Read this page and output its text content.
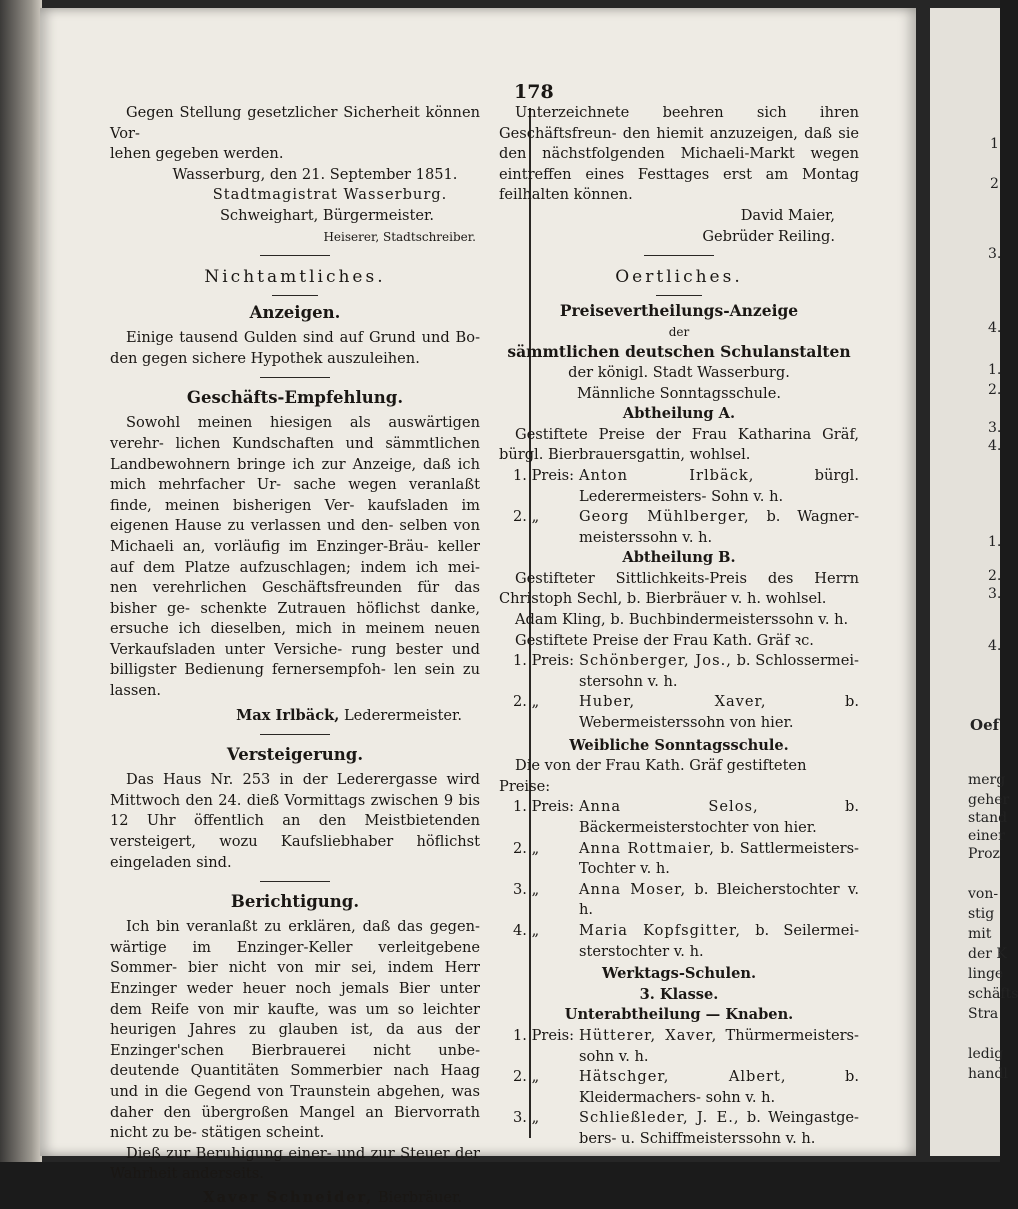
178

Gegen Stellung gesetzlicher Sicherheit können Vor-

lehen gegeben werden.

Wasserburg, den 21. September 1851.

Stadtmagistrat Wasserburg.

Schweighart, Bürgermeister.

Heiserer, Stadtschreiber.

Nichtamtliches.

Anzeigen.

Einige tausend Gulden sind auf Grund und Bo- den gegen sichere Hypothek auszuleihen.

Geschäfts-Empfehlung.

Sowohl meinen hiesigen als auswärtigen verehr- lichen Kundschaften und sämmtlichen Landbewohnern bringe ich zur Anzeige, daß ich mich mehrfacher Ur- sache wegen veranlaßt finde, meinen bisherigen Ver- kaufsladen im eigenen Hause zu verlassen und den- selben von Michaeli an, vorläufig im Enzinger-Bräu- keller auf dem Platze aufzuschlagen; indem ich mei- nen verehrlichen Geschäftsfreunden für das bisher ge- schenkte Zutrauen höflichst danke, ersuche ich dieselben, mich in meinem neuen Verkaufsladen unter Versiche- rung bester und billigster Bedienung fernersempfoh- len sein zu lassen.

Max Irlbäck, Lederermeister.

Versteigerung.

Das Haus Nr. 253 in der Lederergasse wird Mittwoch den 24. dieß Vormittags zwischen 9 bis 12 Uhr öffentlich an den Meistbietenden versteigert, wozu Kaufsliebhaber höflichst eingeladen sind.

Berichtigung.

Ich bin veranlaßt zu erklären, daß das gegen- wärtige im Enzinger-Keller verleitgebene Sommer- bier nicht von mir sei, indem Herr Enzinger weder heuer noch jemals Bier unter dem Reife von mir kaufte, was um so leichter heurigen Jahres zu glauben ist, da aus der Enzinger'schen Bierbrauerei nicht unbe- deutende Quantitäten Sommerbier nach Haag und in die Gegend von Traunstein abgehen, was daher den übergroßen Mangel an Biervorrath nicht zu be- stätigen scheint.

Dieß zur Beruhigung einer- und zur Steuer der Wahrheit anderseits.

Xaver Schneider, Bierbräuer.

Unterzeichnete beehren sich ihren Geschäftsfreun- den hiemit anzuzeigen, daß sie den nächstfolgenden Michaeli-Markt wegen eintreffen eines Festtages erst am Montag feilhalten können.

David Maier,

Gebrüder Reiling.

Oertliches.

Preisevertheilungs-Anzeige

der

sämmtlichen deutschen Schulanstalten

der königl. Stadt Wasserburg.

Männliche Sonntagsschule.

Abtheilung A.

Gestiftete Preise der Frau Katharina Gräf, bürgl. Bierbrauersgattin, wohlsel.

1. Preis: Anton Irlbäck, bürgl. Lederermeisters- Sohn v. h.
2. „	Georg Mühlberger, b. Wagner- meisterssohn v. h.

Abtheilung B.

Gestifteter Sittlichkeits-Preis des Herrn Christoph Sechl, b. Bierbräuer v. h. wohlsel.

Adam Kling, b. Buchbindermeisterssohn v. h.

Gestiftete Preise der Frau Kath. Gräf ꝛc.

1. Preis: Schönberger, Jos., b. Schlossermei- stersohn v. h.
2. „	Huber, Xaver, b. Webermeisterssohn von hier.

Weibliche Sonntagsschule.

Die von der Frau Kath. Gräf gestifteten Preise:

1. Preis: Anna Selos, b. Bäckermeisterstochter von hier.
2. „	Anna Rottmaier, b. Sattlermeisters- Tochter v. h.
3. „	Anna Moser, b. Bleicherstochter v. h.
4. „	Maria Kopfsgitter, b. Seilermei- sterstochter v. h.

Werktags-Schulen.

3. Klasse.

Unterabtheilung — Knaben.

1. Preis: Hütterer, Xaver, Thürmermeisters- sohn v. h.
2. „	Hätschger, Albert, b. Kleidermachers- sohn v. h.
3. „	Schließleder, J. E., b. Weingastge- bers- u. Schiffmeisterssohn v. h.
1
2
3.
4.
1.
2.
3.
4.
1.
2.
3.
4.
Oef
merg
geher
stand
einer
Proz
von-
stig
mit
der K
linge
schäfts
Stra
ledig
handl
